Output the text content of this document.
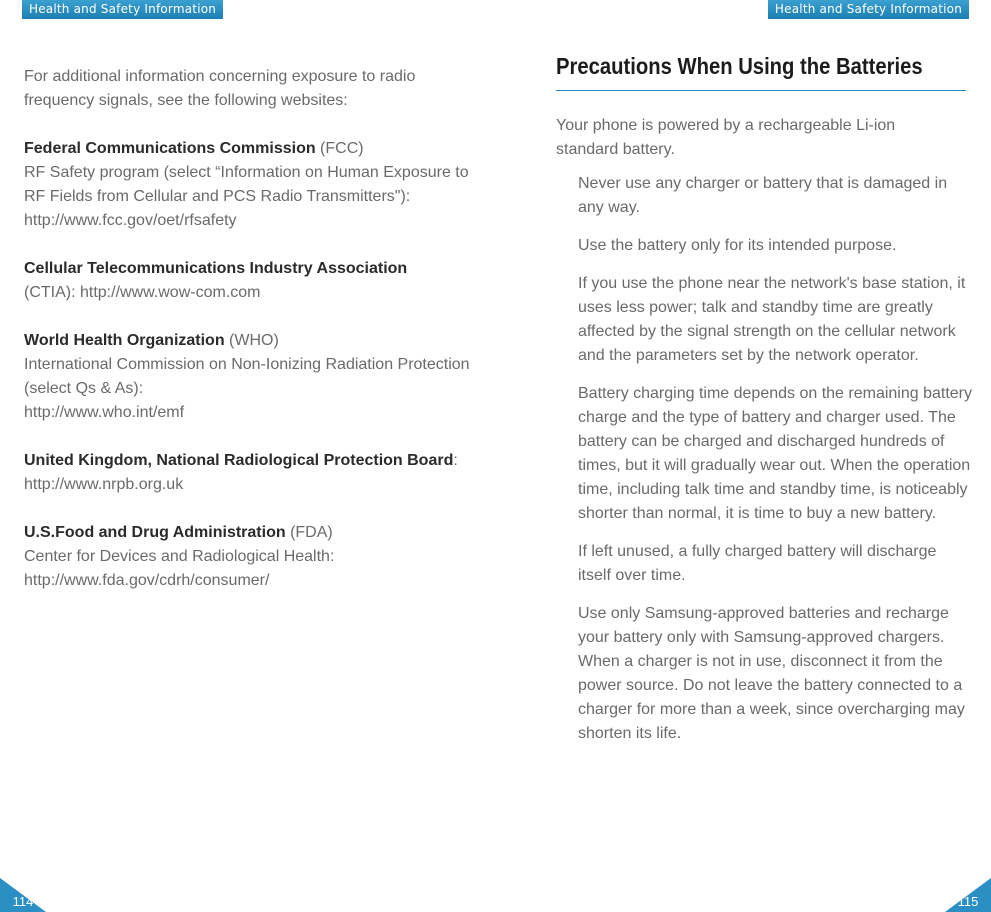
Health and Safety Information

For additional information concerning exposure to radio frequency signals, see the following websites:

Federal Communications Commission (FCC)
RF Safety program (select “Information on Human Exposure to RF Fields from Cellular and PCS Radio Transmitters"):
http://www.fcc.gov/oet/rfsafety

Cellular Telecommunications Industry Association
(CTIA): http://www.wow-com.com

World Health Organization (WHO)
International Commission on Non-Ionizing Radiation Protection (select Qs & As):
http://www.who.int/emf

United Kingdom, National Radiological Protection Board: http://www.nrpb.org.uk

U.S.Food and Drug Administration (FDA)
Center for Devices and Radiological Health:
http://www.fda.gov/cdrh/consumer/

114
Health and Safety Information
Precautions When Using the Batteries
Your phone is powered by a rechargeable Li-ion standard battery.
Never use any charger or battery that is damaged in any way.
Use the battery only for its intended purpose.
If you use the phone near the network's base station, it uses less power; talk and standby time are greatly affected by the signal strength on the cellular network and the parameters set by the network operator.
Battery charging time depends on the remaining battery charge and the type of battery and charger used. The battery can be charged and discharged hundreds of times, but it will gradually wear out. When the operation time, including talk time and standby time, is noticeably shorter than normal, it is time to buy a new battery.
If left unused, a fully charged battery will discharge itself over time.
Use only Samsung-approved batteries and recharge your battery only with Samsung-approved chargers. When a charger is not in use, disconnect it from the power source. Do not leave the battery connected to a charger for more than a week, since overcharging may shorten its life.
115
